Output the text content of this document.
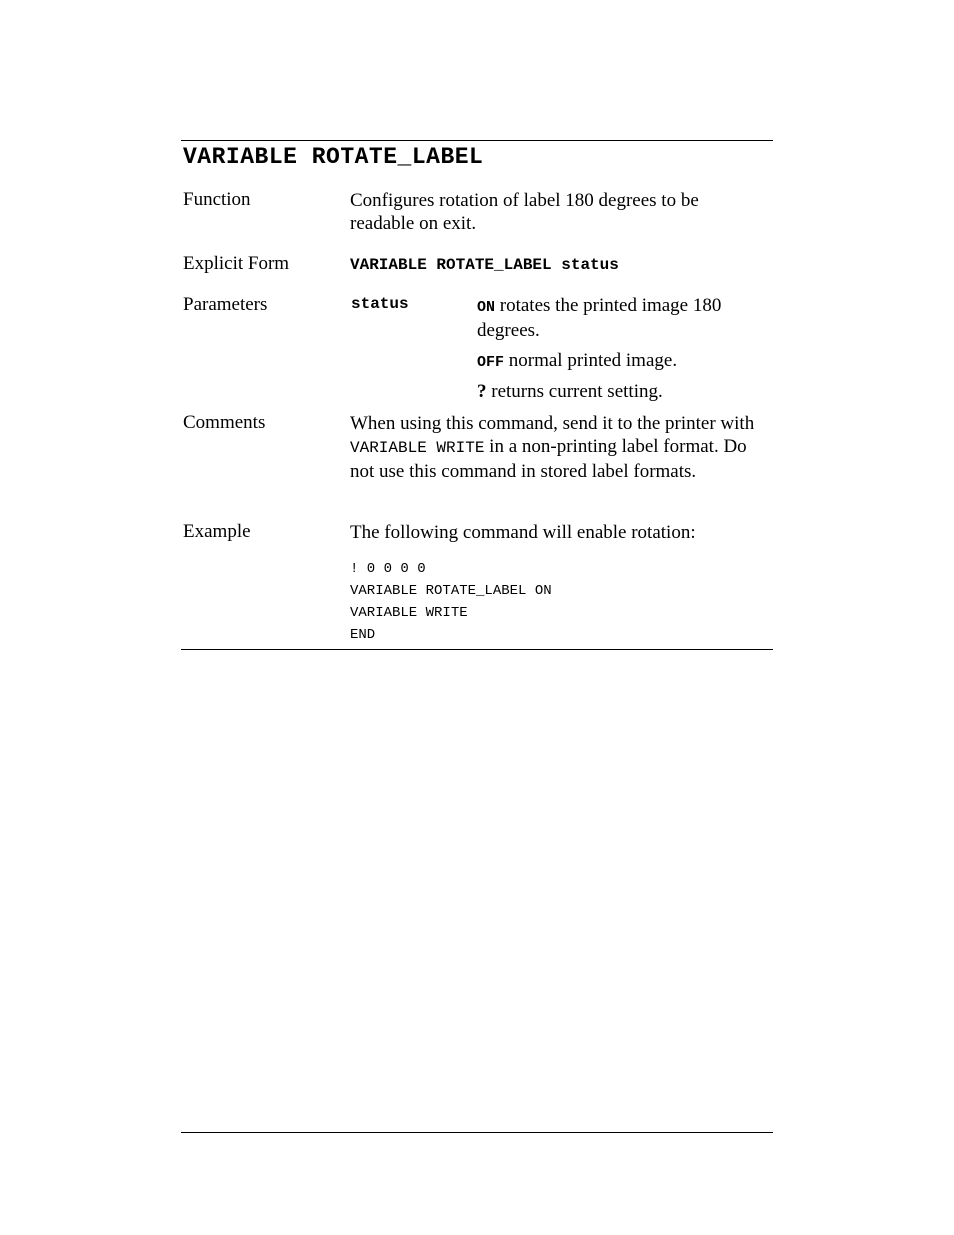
VARIABLE ROTATE_LABEL
Function	Configures rotation of label 180 degrees to be readable on exit.
Explicit Form	VARIABLE ROTATE_LABEL status
Parameters	status	ON rotates the printed image 180 degrees.
OFF normal printed image.
? returns current setting.
Comments	When using this command, send it to the printer with VARIABLE WRITE in a non-printing label format. Do not use this command in stored label formats.
Example	The following command will enable rotation:
! 0 0 0 0
VARIABLE ROTATE_LABEL ON
VARIABLE WRITE
END
